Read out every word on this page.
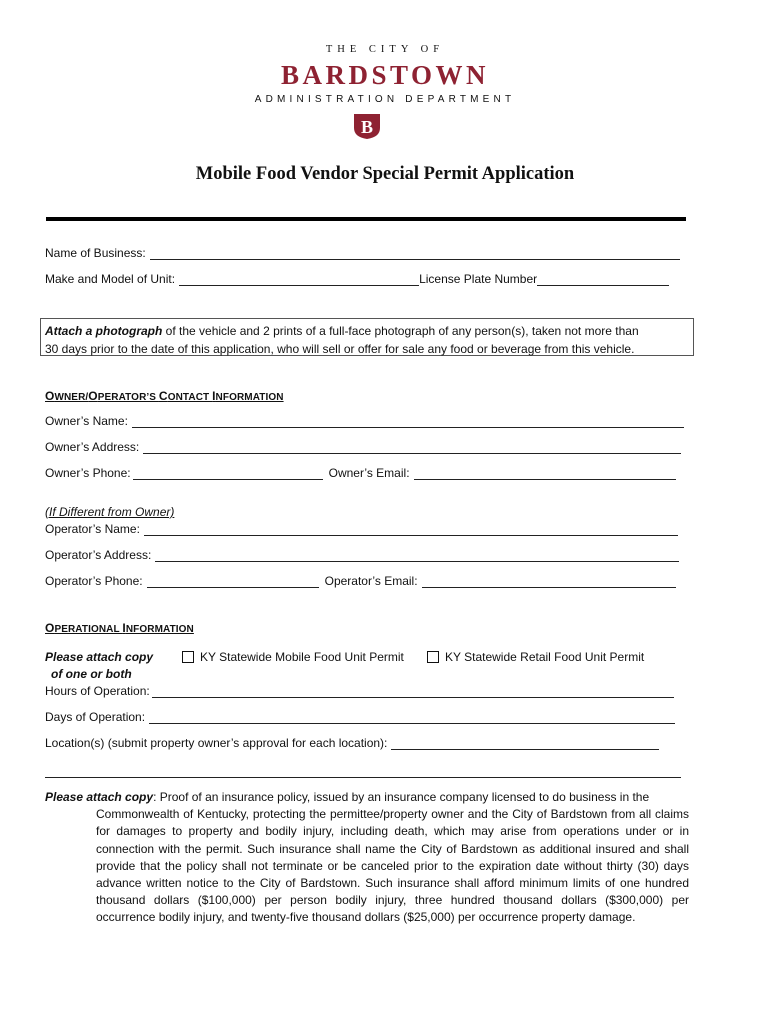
THE CITY OF
BARDSTOWN
ADMINISTRATION DEPARTMENT
B
Mobile Food Vendor Special Permit Application
Name of Business:
Make and Model of Unit:	License Plate Number
Attach a photograph of the vehicle and 2 prints of a full-face photograph of any person(s), taken not more than
30 days prior to the date of this application, who will sell or offer for sale any food or beverage from this vehicle.
OWNER/OPERATOR’S CONTACT INFORMATION
Owner’s Name:
Owner’s Address:
Owner’s Phone:	Owner’s Email:
(If Different from Owner)
Operator’s Name:
Operator’s Address:
Operator’s Phone:	Operator’s Email:
OPERATIONAL INFORMATION
Please attach copy
of one or both
KY Statewide Mobile Food Unit Permit	KY Statewide Retail Food Unit Permit
Hours of Operation:
Days of Operation:
Location(s) (submit property owner’s approval for each location):
Please attach copy: Proof of an insurance policy, issued by an insurance company licensed to do business in the
Commonwealth of Kentucky, protecting the permittee/property owner and the City of Bardstown from all claims for damages to property and bodily injury, including death, which may arise from operations under or in connection with the permit. Such insurance shall name the City of Bardstown as additional insured and shall provide that the policy shall not terminate or be canceled prior to the expiration date without thirty (30) days advance written notice to the City of Bardstown. Such insurance shall afford minimum limits of one hundred thousand dollars ($100,000) per person bodily injury, three hundred thousand dollars ($300,000) per occurrence bodily injury, and twenty-five thousand dollars ($25,000) per occurrence property damage.
